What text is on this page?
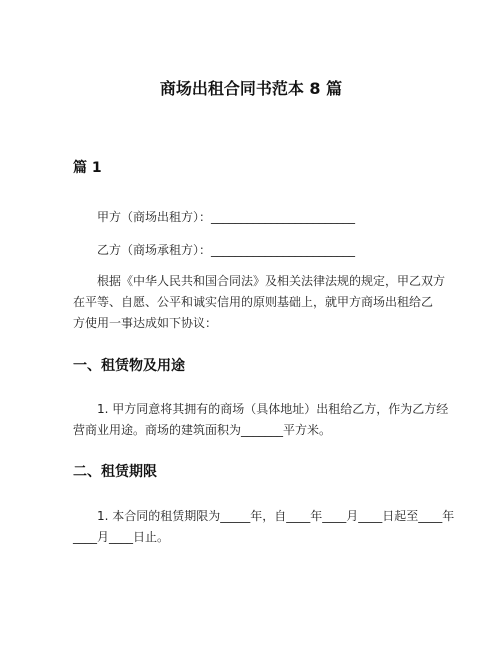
商场出租合同书范本 8 篇
篇 1
甲方（商场出租方）：________________________
乙方（商场承租方）：________________________
根据《中华人民共和国合同法》及相关法律法规的规定，甲乙双方
在平等、自愿、公平和诚实信用的原则基础上，就甲方商场出租给乙
方使用一事达成如下协议：
一、租赁物及用途
1. 甲方同意将其拥有的商场（具体地址）出租给乙方，作为乙方经
营商业用途。商场的建筑面积为_______平方米。
二、租赁期限
1. 本合同的租赁期限为_____年，自____年____月____日起至____年
____月____日止。
